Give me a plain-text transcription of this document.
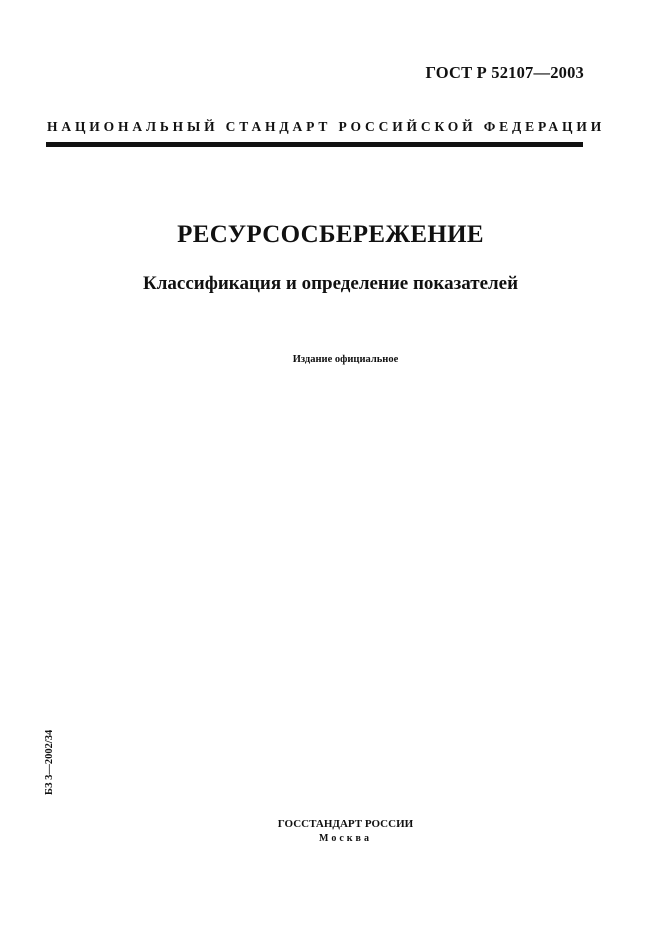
ГОСТ Р 52107—2003
НАЦИОНАЛЬНЫЙ СТАНДАРТ РОССИЙСКОЙ ФЕДЕРАЦИИ
РЕСУРСОСБЕРЕЖЕНИЕ
Классификация и определение показателей
Издание официальное
БЗ 3—2002/34
ГОССТАНДАРТ РОССИИ
Москва
